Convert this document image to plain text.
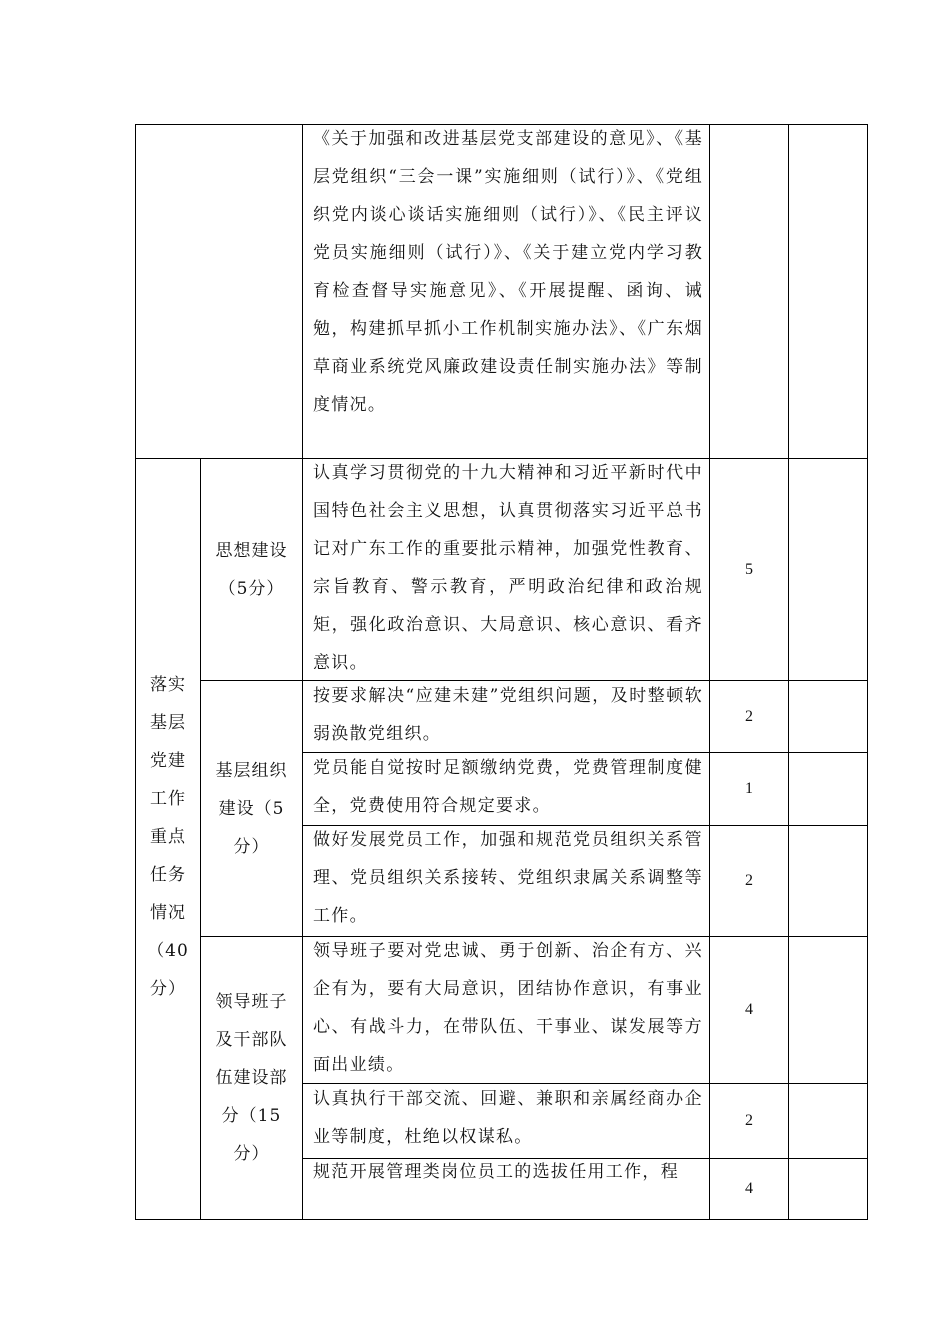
《关于加强和改进基层党支部建设的意见》、《基层党组织“三会一课”实施细则（试行）》、《党组织党内谈心谈话实施细则（试行）》、《民主评议党员实施细则（试行）》、《关于建立党内学习教育检查督导实施意见》、《开展提醒、函询、诫勉，构建抓早抓小工作机制实施办法》、《广东烟草商业系统党风廉政建设责任制实施办法》等制度情况。
落实基层党建工作重点任务情况（40分）
思想建设（5分）
基层组织建设（5分）
领导班子及干部队伍建设部分（15分）
认真学习贯彻党的十九大精神和习近平新时代中国特色社会主义思想，认真贯彻落实习近平总书记对广东工作的重要批示精神，加强党性教育、宗旨教育、警示教育，严明政治纪律和政治规矩，强化政治意识、大局意识、核心意识、看齐意识。
5
按要求解决“应建未建”党组织问题，及时整顿软弱涣散党组织。
2
党员能自觉按时足额缴纳党费，党费管理制度健全，党费使用符合规定要求。
1
做好发展党员工作，加强和规范党员组织关系管理、党员组织关系接转、党组织隶属关系调整等工作。
2
领导班子要对党忠诚、勇于创新、治企有方、兴企有为，要有大局意识，团结协作意识，有事业心、有战斗力，在带队伍、干事业、谋发展等方面出业绩。
4
认真执行干部交流、回避、兼职和亲属经商办企业等制度，杜绝以权谋私。
2
规范开展管理类岗位员工的选拔任用工作，程
4
